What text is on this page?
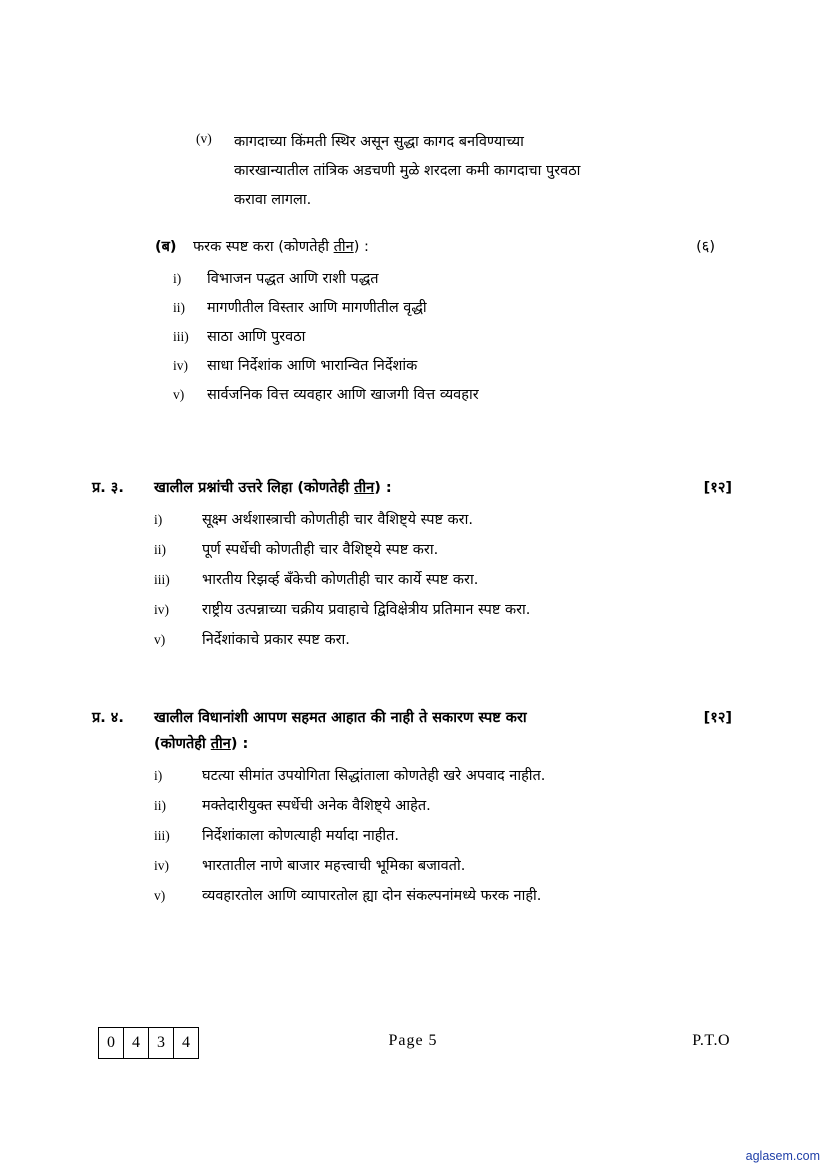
(v)	कागदाच्या किंमती स्थिर असून सुद्धा कागद बनविण्याच्या
कारखान्यातील तांत्रिक अडचणी मुळे शरदला कमी कागदाचा पुरवठा
करावा लागला.
(ब)	फरक स्पष्ट करा (कोणतेही तीन) :	(६)
i)	विभाजन पद्धत आणि राशी पद्धत
ii)	मागणीतील विस्तार आणि मागणीतील वृद्धी
iii)	साठा आणि पुरवठा
iv)	साधा निर्देशांक आणि भारान्वित निर्देशांक
v)	सार्वजनिक वित्त व्यवहार आणि खाजगी वित्त व्यवहार
प्र. ३.	खालील प्रश्नांची उत्तरे लिहा (कोणतेही तीन) :	[१२]
i)	सूक्ष्म अर्थशास्त्राची कोणतीही चार वैशिष्ट्ये स्पष्ट करा.
ii)	पूर्ण स्पर्धेची कोणतीही चार वैशिष्ट्ये स्पष्ट करा.
iii)	भारतीय रिझर्व्ह बँकेची कोणतीही चार कार्ये स्पष्ट करा.
iv)	राष्ट्रीय उत्पन्नाच्या चक्रीय प्रवाहाचे द्विविक्षेत्रीय प्रतिमान स्पष्ट करा.
v)	निर्देशांकाचे प्रकार स्पष्ट करा.
प्र. ४.	खालील विधानांशी आपण सहमत आहात की नाही ते सकारण स्पष्ट करा	[१२]
(कोणतेही तीन) :
i)	घटत्या सीमांत उपयोगिता सिद्धांताला कोणतेही खरे अपवाद नाहीत.
ii)	मक्तेदारीयुक्त स्पर्धेची अनेक वैशिष्ट्ये आहेत.
iii)	निर्देशांकाला कोणत्याही मर्यादा नाहीत.
iv)	भारतातील नाणे बाजार महत्त्वाची भूमिका बजावतो.
v)	व्यवहारतोल आणि व्यापारतोल ह्या दोन संकल्पनांमध्ये फरक नाही.
0	4	3	4	Page 5	P.T.O
aglasem.com
